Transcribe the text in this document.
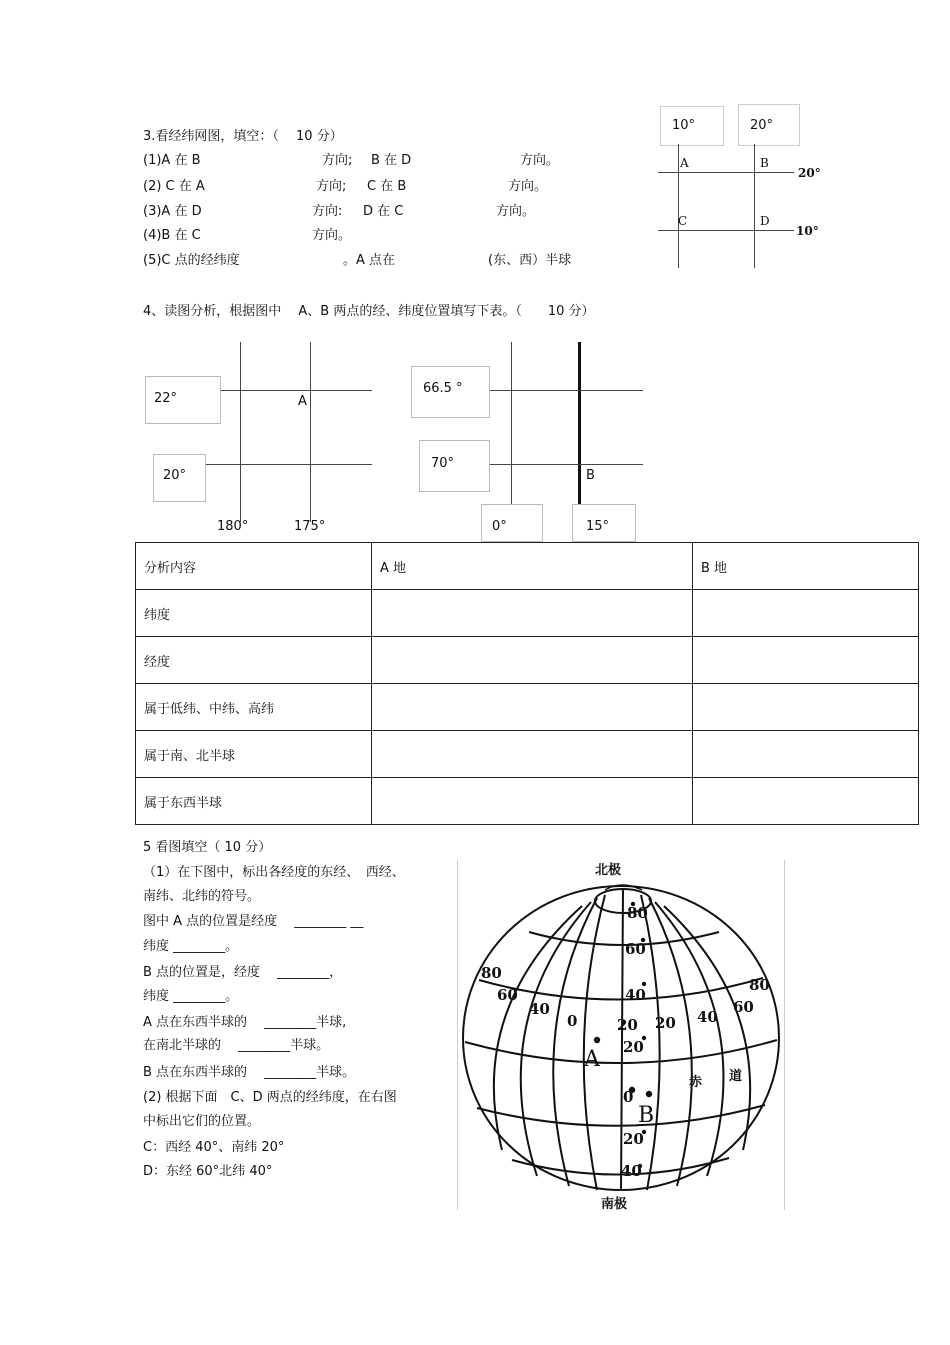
3.看经纬网图，填空：（　 10 分）
(1)A 在 B	方向; B 在 D	方向。
(2) C 在 A	方向; C 在 B	方向。
(3)A 在 D	方向: D 在 C	方向。
(4)B 在 C	方向。
(5)C 点的经纬度	。A 点在	(东、西）半球
10°	20°
A	B
C	D
20°
10°
4、读图分析，根据图中　 A、B 两点的经、纬度位置填写下表。（　　10 分）
22°
20°
A
180°	175°
66.5 °
70°
B
0°	15°
分析内容	A 地	B 地
纬度		
经度		
属于低纬、中纬、高纬		
属于南、北半球		
属于东西半球		
5 看图填空（ 10 分）
（1）在下图中，标出各经度的东经、　西经、
南纬、北纬的符号。
图中 A 点的位置是经度　 ________ __
纬度 ________。
B 点的位置是，经度　 ________，
纬度 ________。
A 点在东西半球的　 ________半球,
在南北半球的　 ________半球。
B 点在东西半球的　 ________半球。
(2) 根据下面　C、D 两点的经纬度，在右图
中标出它们的位置。
C：西经 40°、南纬 20°
D：东经 60°北纬 40°
北极
南极
赤 道
A
B
80
60
40
0	20
40
60
80
20 40
60
80
20
0
20
40
